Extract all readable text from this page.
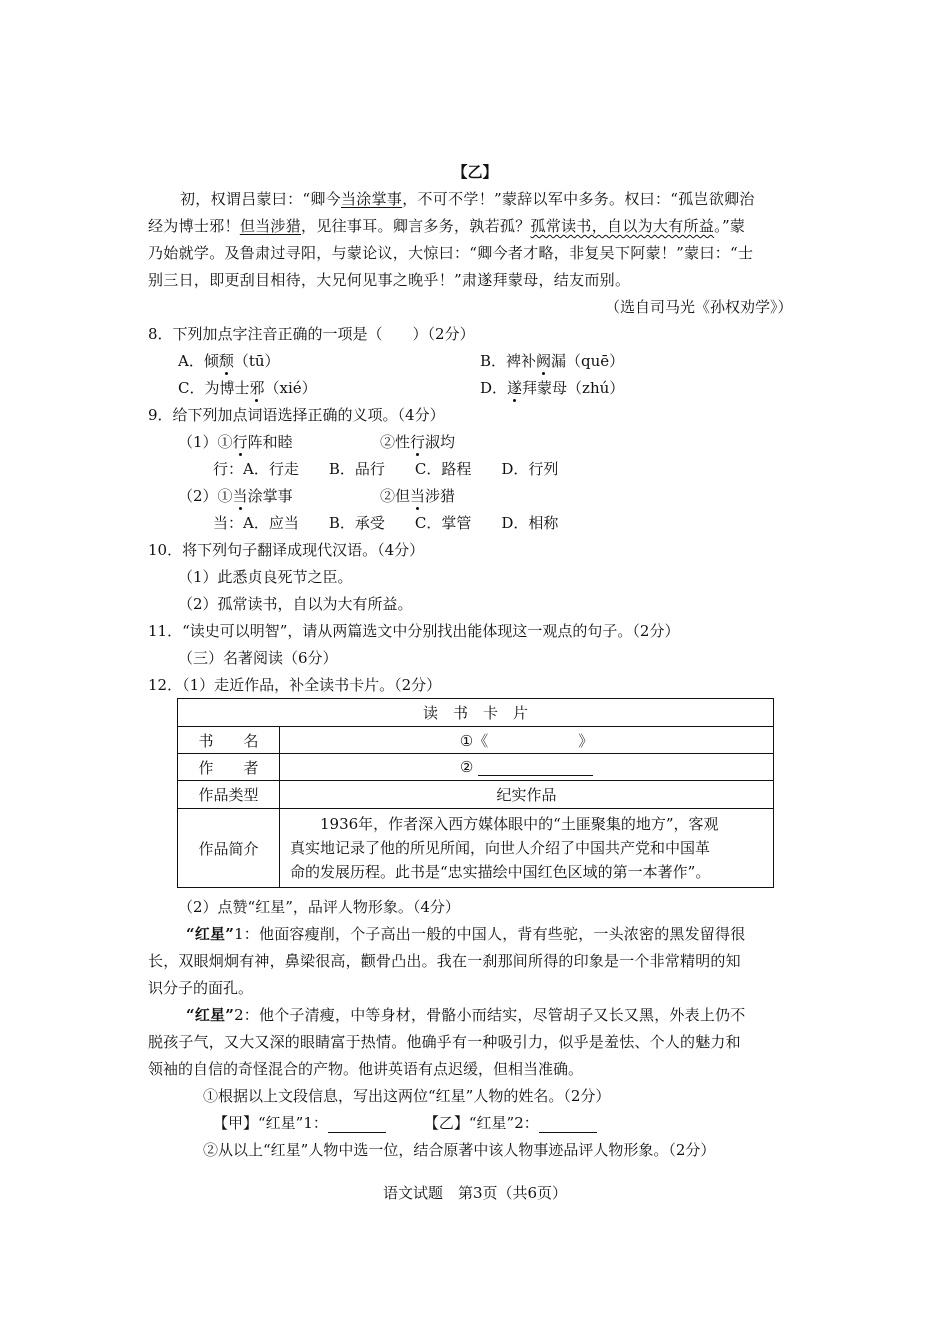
【乙】
初，权谓吕蒙曰：“卿今当涂掌事，不可不学！”蒙辞以军中多务。权曰：“孤岂欲卿治
经为博士邪！但当涉猎，见往事耳。卿言多务，孰若孤？孤常读书，自以为大有所益。”蒙
乃始就学。及鲁肃过寻阳，与蒙论议，大惊曰：“卿今者才略，非复吴下阿蒙！”蒙曰：“士
别三日，即更刮目相待，大兄何见事之晚乎！”肃遂拜蒙母，结友而别。
（选自司马光《孙权劝学》）
8．下列加点字注音正确的一项是（　　）（2分）
A．倾颓（tū）	B．裨补阙漏（quē）
C．为博士邪（xié）	D．遂拜蒙母（zhú）
9．给下列加点词语选择正确的义项。（4分）
（1）①行阵和睦	②性行淑均
行：A．行走　　B．品行　　C．路程　　D．行列
（2）①当涂掌事	②但当涉猎
当：A．应当　　B．承受　　C．掌管　　D．相称
10．将下列句子翻译成现代汉语。（4分）
（1）此悉贞良死节之臣。
（2）孤常读书，自以为大有所益。
11．“读史可以明智”，请从两篇选文中分别找出能体现这一观点的句子。（2分）
（三）名著阅读（6分）
12．（1）走近作品，补全读书卡片。（2分）
读　书　卡　片	
书　　名	①《　　　　　　》
作　　者	②
作品类型	纪实作品
作品简介	1936年，作者深入西方媒体眼中的“土匪聚集的地方”，客观
真实地记录了他的所见所闻，向世人介绍了中国共产党和中国革
命的发展历程。此书是“忠实描绘中国红色区域的第一本著作”。
（2）点赞“红星”，品评人物形象。（4分）
“红星”1：他面容瘦削，个子高出一般的中国人，背有些驼，一头浓密的黑发留得很
长，双眼炯炯有神，鼻梁很高，颧骨凸出。我在一刹那间所得的印象是一个非常精明的知
识分子的面孔。
“红星”2：他个子清瘦，中等身材，骨骼小而结实，尽管胡子又长又黑，外表上仍不
脱孩子气，又大又深的眼睛富于热情。他确乎有一种吸引力，似乎是羞怯、个人的魅力和
领袖的自信的奇怪混合的产物。他讲英语有点迟缓，但相当准确。
①根据以上文段信息，写出这两位“红星”人物的姓名。（2分）
【甲】“红星”1：	【乙】“红星”2：
②从以上“红星”人物中选一位，结合原著中该人物事迹品评人物形象。（2分）
语文试题　第3页（共6页）
